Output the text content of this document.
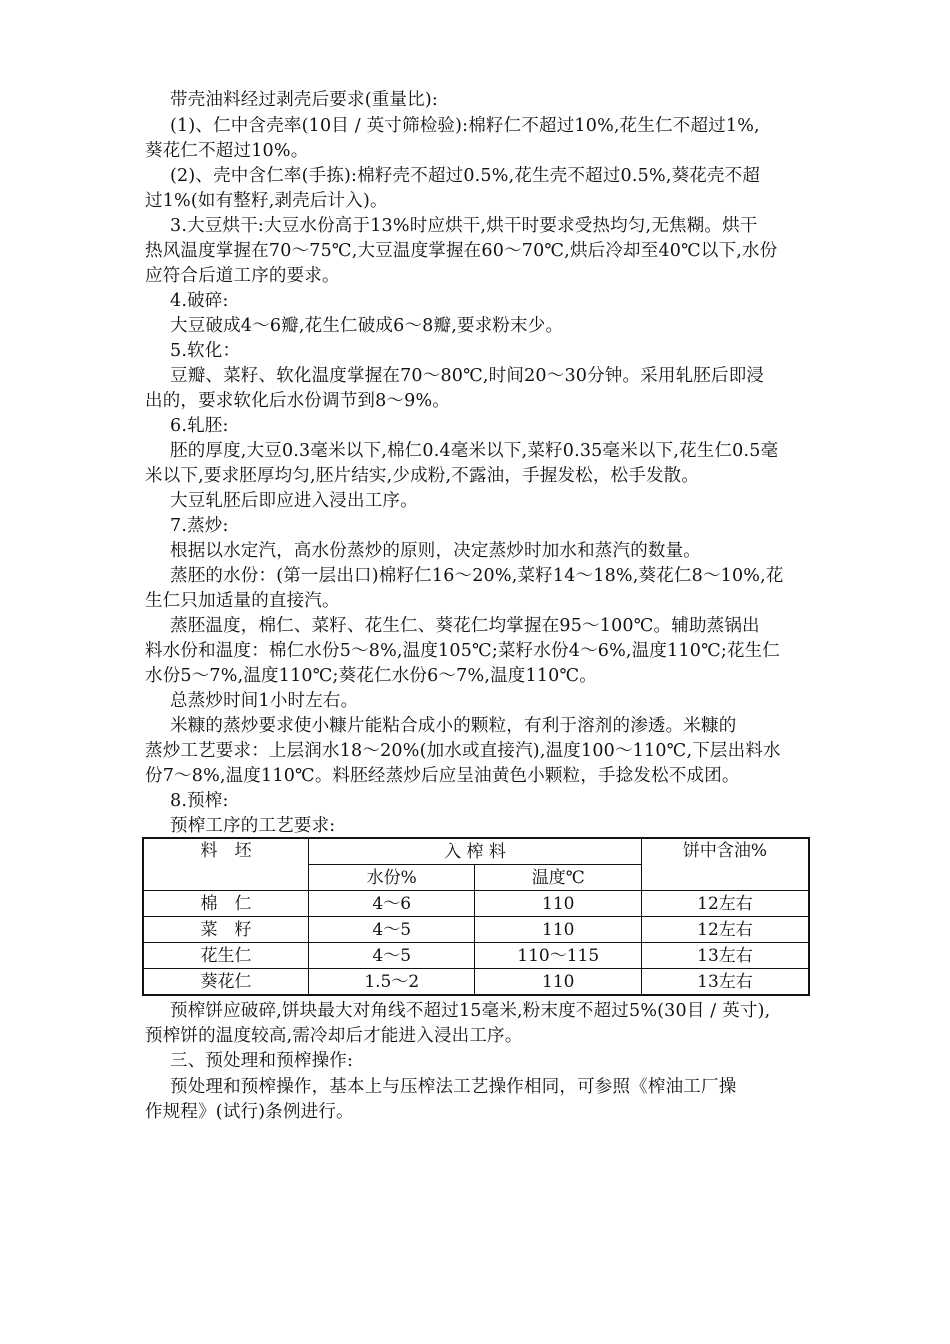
带壳油料经过剥壳后要求(重量比):
(1)、仁中含壳率(10目 / 英寸筛检验):棉籽仁不超过10%,花生仁不超过1%,
葵花仁不超过10%。
(2)、壳中含仁率(手拣):棉籽壳不超过0.5%,花生壳不超过0.5%,葵花壳不超
过1%(如有整籽,剥壳后计入)。
3.大豆烘干:大豆水份高于13%时应烘干,烘干时要求受热均匀,无焦糊。烘干
热风温度掌握在70～75℃,大豆温度掌握在60～70℃,烘后冷却至40℃以下,水份
应符合后道工序的要求。
4.破碎:
大豆破成4～6瓣,花生仁破成6～8瓣,要求粉末少。
5.软化：
豆瓣、菜籽、软化温度掌握在70～80℃,时间20～30分钟。采用轧胚后即浸
出的，要求软化后水份调节到8～9%。
6.轧胚:
胚的厚度,大豆0.3毫米以下,棉仁0.4毫米以下,菜籽0.35毫米以下,花生仁0.5毫
米以下,要求胚厚均匀,胚片结实,少成粉,不露油，手握发松，松手发散。
大豆轧胚后即应进入浸出工序。
7.蒸炒:
根据以水定汽，高水份蒸炒的原则，决定蒸炒时加水和蒸汽的数量。
蒸胚的水份：(第一层出口)棉籽仁16～20%,菜籽14～18%,葵花仁8～10%,花
生仁只加适量的直接汽。
蒸胚温度，棉仁、菜籽、花生仁、葵花仁均掌握在95～100℃。辅助蒸锅出
料水份和温度：棉仁水份5～8%,温度105℃;菜籽水份4～6%,温度110℃;花生仁
水份5～7%,温度110℃;葵花仁水份6～7%,温度110℃。
总蒸炒时间1小时左右。
米糠的蒸炒要求使小糠片能粘合成小的颗粒，有利于溶剂的渗透。米糠的
蒸炒工艺要求：上层润水18～20%(加水或直接汽),温度100～110℃,下层出料水
份7～8%,温度110℃。料胚经蒸炒后应呈油黄色小颗粒，手捻发松不成团。
8.预榨:
预榨工序的工艺要求:
料　坯	入 榨 料		饼中含油%
	水份%	温度℃	
棉　仁	4～6	110	12左右
菜　籽	4～5	110	12左右
花生仁	4～5	110～115	13左右
葵花仁	1.5～2	110	13左右
预榨饼应破碎,饼块最大对角线不超过15毫米,粉末度不超过5%(30目 / 英寸),
预榨饼的温度较高,需冷却后才能进入浸出工序。
三、预处理和预榨操作:
预处理和预榨操作，基本上与压榨法工艺操作相同，可参照《榨油工厂操
作规程》(试行)条例进行。
